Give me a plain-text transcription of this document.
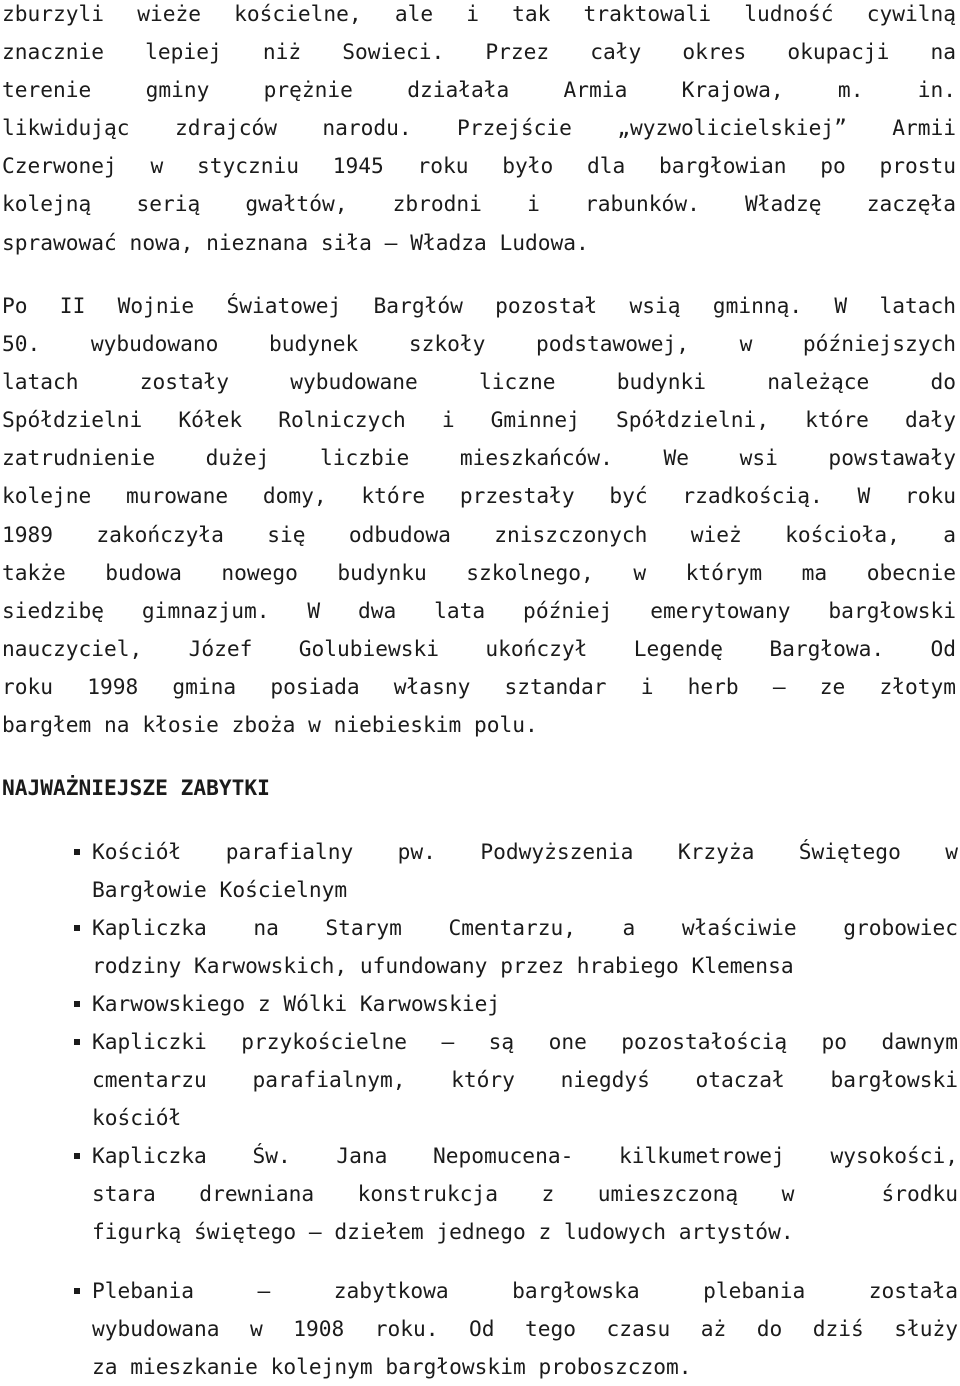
zburzyli wieże kościelne, ale i tak traktowali ludność cywilną
znacznie lepiej niż Sowieci. Przez cały okres okupacji na
terenie gminy prężnie działała Armia Krajowa, m. in.
likwidując zdrajców narodu. Przejście „wyzwolicielskiej” Armii
Czerwonej w styczniu 1945 roku było dla bargłowian po prostu
kolejną serią gwałtów, zbrodni i rabunków. Władzę zaczęła
sprawować nowa, nieznana siła – Władza Ludowa.
Po II Wojnie Światowej Bargłów pozostał wsią gminną. W latach
50. wybudowano budynek szkoły podstawowej, w późniejszych
latach zostały wybudowane liczne budynki należące do
Spółdzielni Kółek Rolniczych i Gminnej Spółdzielni, które dały
zatrudnienie dużej liczbie mieszkańców. We wsi powstawały
kolejne murowane domy, które przestały być rzadkością. W roku
1989 zakończyła się odbudowa zniszczonych wież kościoła, a
także budowa nowego budynku szkolnego, w którym ma obecnie
siedzibę gimnazjum. W dwa lata później emerytowany bargłowski
nauczyciel, Józef Golubiewski ukończył Legendę Bargłowa. Od
roku 1998 gmina posiada własny sztandar i herb – ze złotym
bargłem na kłosie zboża w niebieskim polu.
NAJWAŻNIEJSZE ZABYTKI
Kościół parafialny pw. Podwyższenia Krzyża Świętego w
Bargłowie Kościelnym
Kapliczka na Starym Cmentarzu, a właściwie grobowiec
rodziny Karwowskich, ufundowany przez hrabiego Klemensa
Karwowskiego z Wólki Karwowskiej
Kapliczki przykościelne – są one pozostałością po dawnym
cmentarzu parafialnym, który niegdyś otaczał bargłowski
kościół
Kapliczka Św. Jana Nepomucena- kilkumetrowej wysokości,
stara drewniana konstrukcja z umieszczoną w  środku
figurką świętego – dziełem jednego z ludowych artystów.
Plebania – zabytkowa bargłowska plebania została
wybudowana w 1908 roku. Od tego czasu aż do dziś służy
za mieszkanie kolejnym bargłowskim proboszczom.
